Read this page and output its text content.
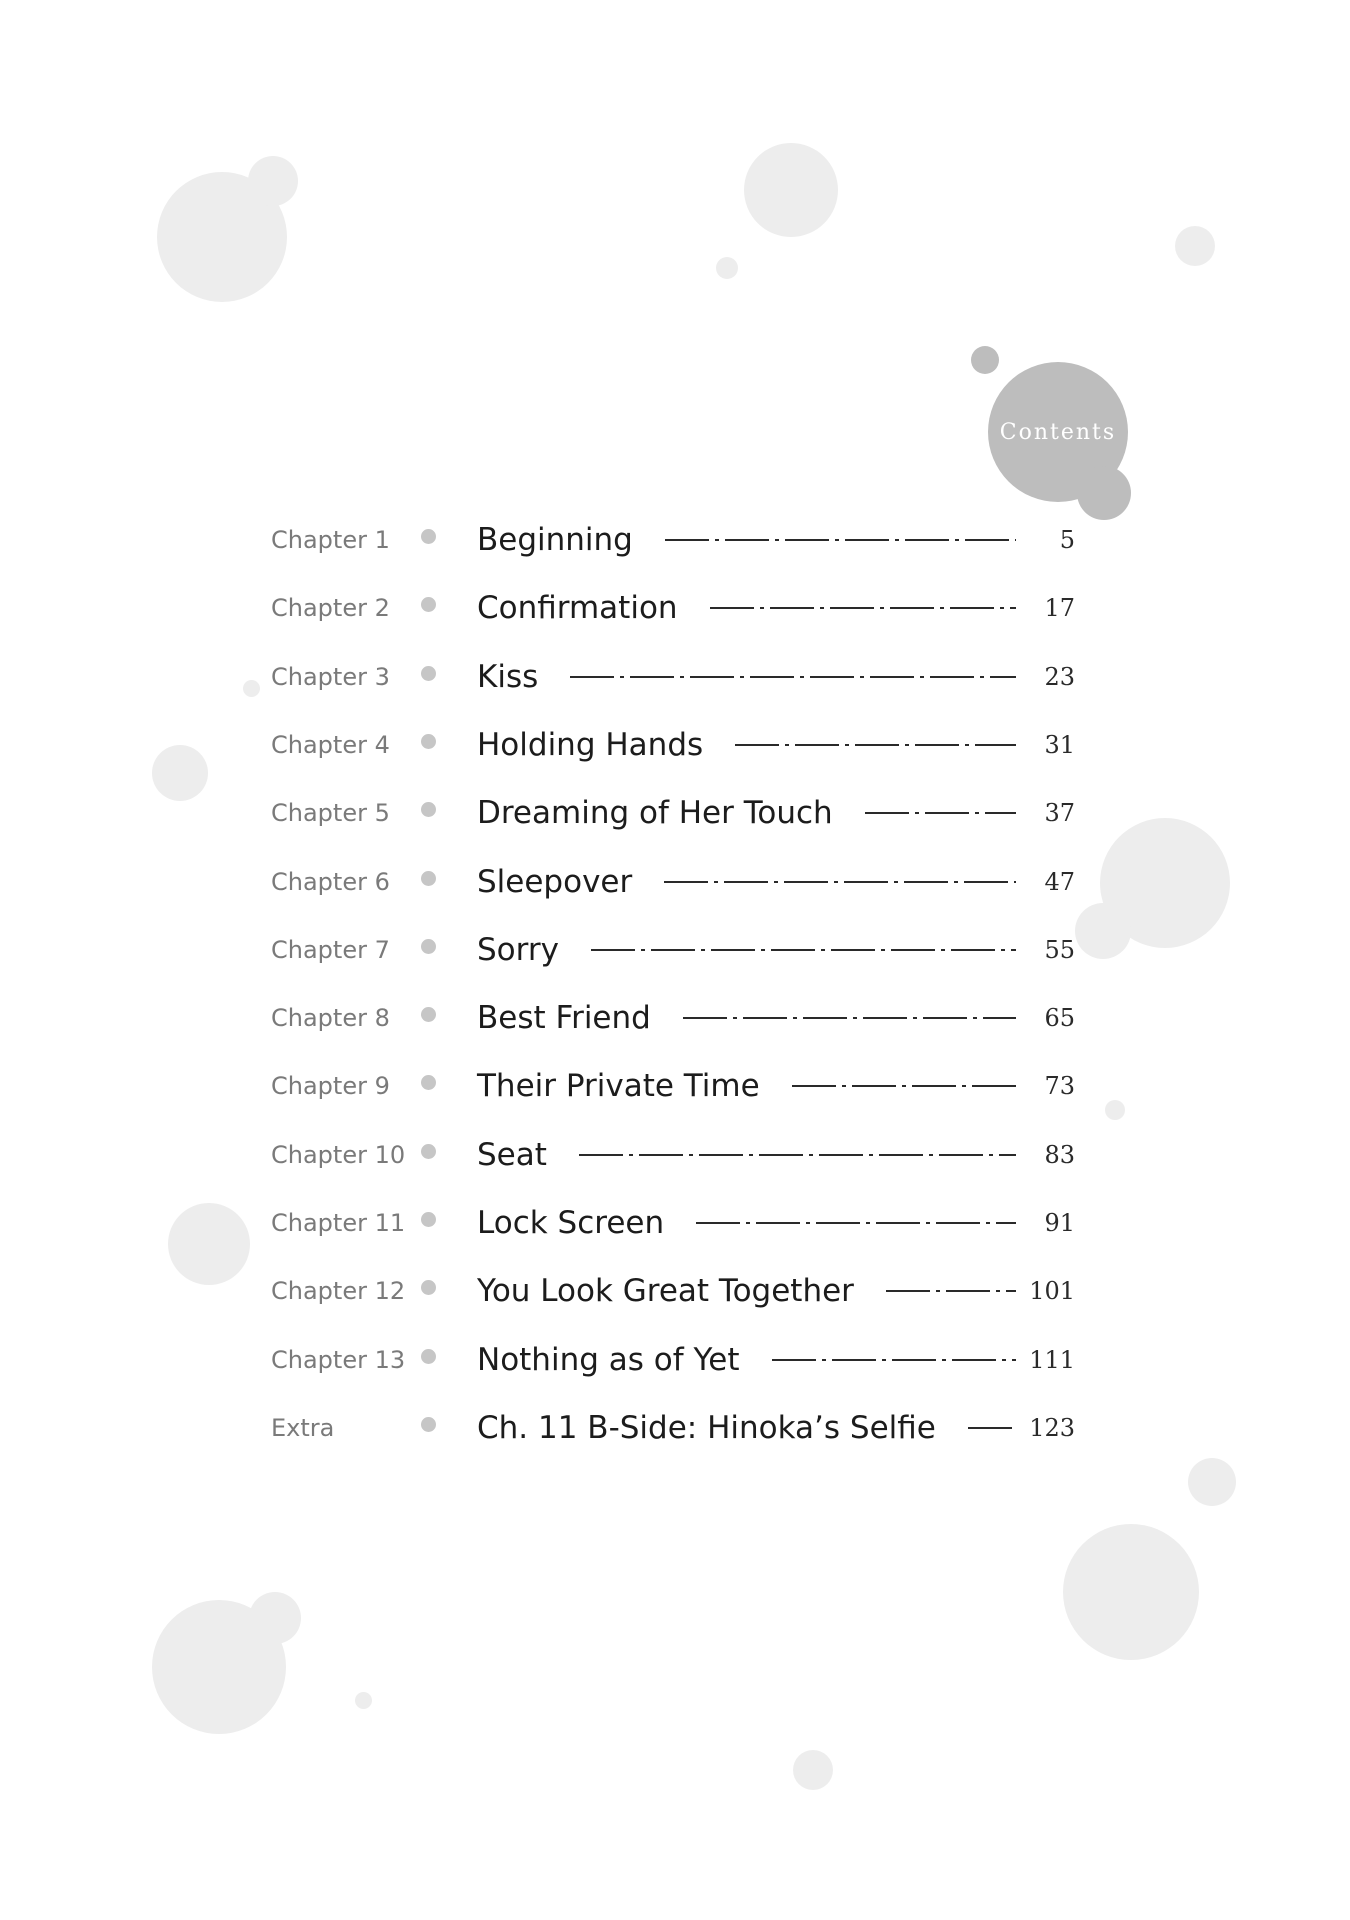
Contents
Chapter 1	Beginning	5
Chapter 2	Confirmation	17
Chapter 3	Kiss	23
Chapter 4	Holding Hands	31
Chapter 5	Dreaming of Her Touch	37
Chapter 6	Sleepover	47
Chapter 7	Sorry	55
Chapter 8	Best Friend	65
Chapter 9	Their Private Time	73
Chapter 10 Seat	83
Chapter 11 Lock Screen	91
Chapter 12 You Look Great Together	101
Chapter 13 Nothing as of Yet	111
Extra	Ch. 11 B-Side: Hinoka’s Selfie	123
